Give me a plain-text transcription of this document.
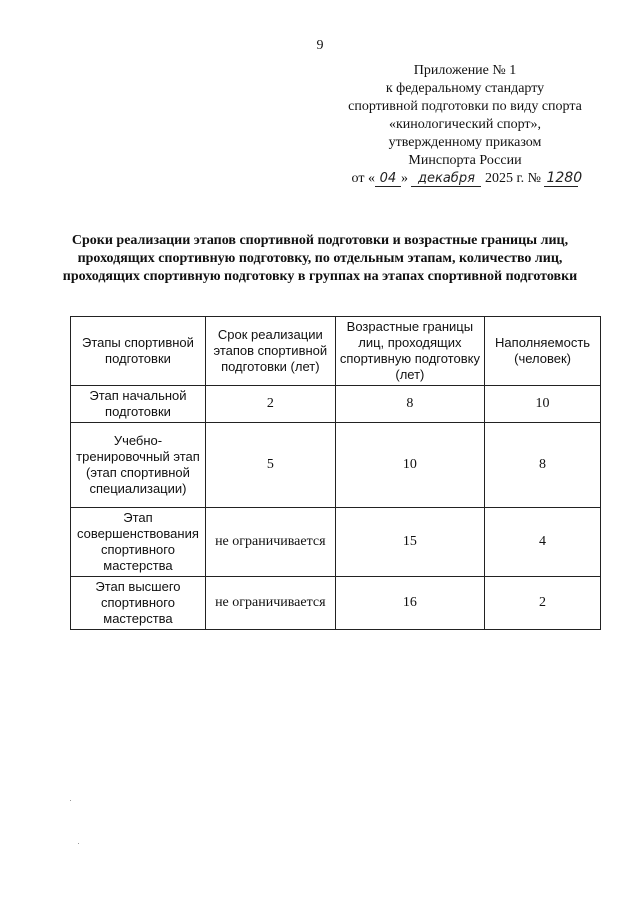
9
Приложение № 1
к федеральному стандарту
спортивной подготовки по виду спорта
«кинологический спорт»,
утвержденному приказом
Минспорта России
от « 04 » декабря 2025 г. № 1280
Сроки реализации этапов спортивной подготовки и возрастные границы лиц, проходящих спортивную подготовку, по отдельным этапам, количество лиц, проходящих спортивную подготовку в группах на этапах спортивной подготовки
Этапы спортивной подготовки	Срок реализации этапов спортивной подготовки (лет)	Возрастные границы лиц, проходящих спортивную подготовку (лет)	Наполняемость (человек)
Этап начальной подготовки	2	8	10
Учебно-тренировочный этап (этап спортивной специализации)	5	10	8
Этап совершенствования спортивного мастерства	не ограничивается	15	4
Этап высшего спортивного мастерства	не ограничивается	16	2
